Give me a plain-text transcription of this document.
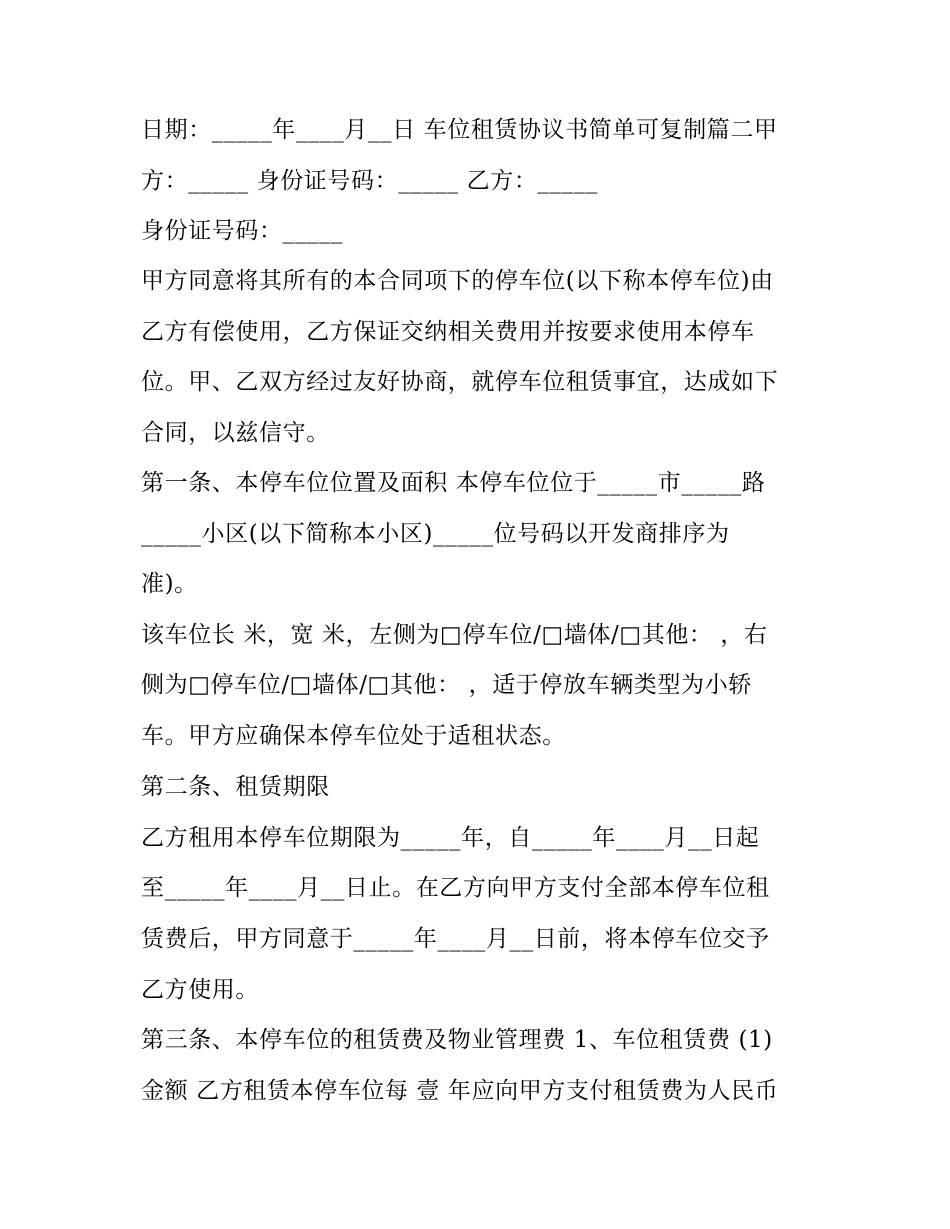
日期：_____年____月__日 车位租赁协议书简单可复制篇二甲
方：_____ 身份证号码：_____ 乙方：_____
身份证号码：_____
甲方同意将其所有的本合同项下的停车位(以下称本停车位)由
乙方有偿使用，乙方保证交纳相关费用并按要求使用本停车
位。甲、乙双方经过友好协商，就停车位租赁事宜，达成如下
合同，以兹信守。
第一条、本停车位位置及面积 本停车位位于_____市_____路
_____小区(以下简称本小区)_____位号码以开发商排序为
准)。
该车位长 米，宽 米，左侧为□停车位/□墙体/□其他： ，右
侧为□停车位/□墙体/□其他： ，适于停放车辆类型为小轿
车。甲方应确保本停车位处于适租状态。
第二条、租赁期限
乙方租用本停车位期限为_____年，自_____年____月__日起
至_____年____月__日止。在乙方向甲方支付全部本停车位租
赁费后，甲方同意于_____年____月__日前，将本停车位交予
乙方使用。
第三条、本停车位的租赁费及物业管理费 1、车位租赁费 (1)
金额 乙方租赁本停车位每 壹 年应向甲方支付租赁费为人民币
